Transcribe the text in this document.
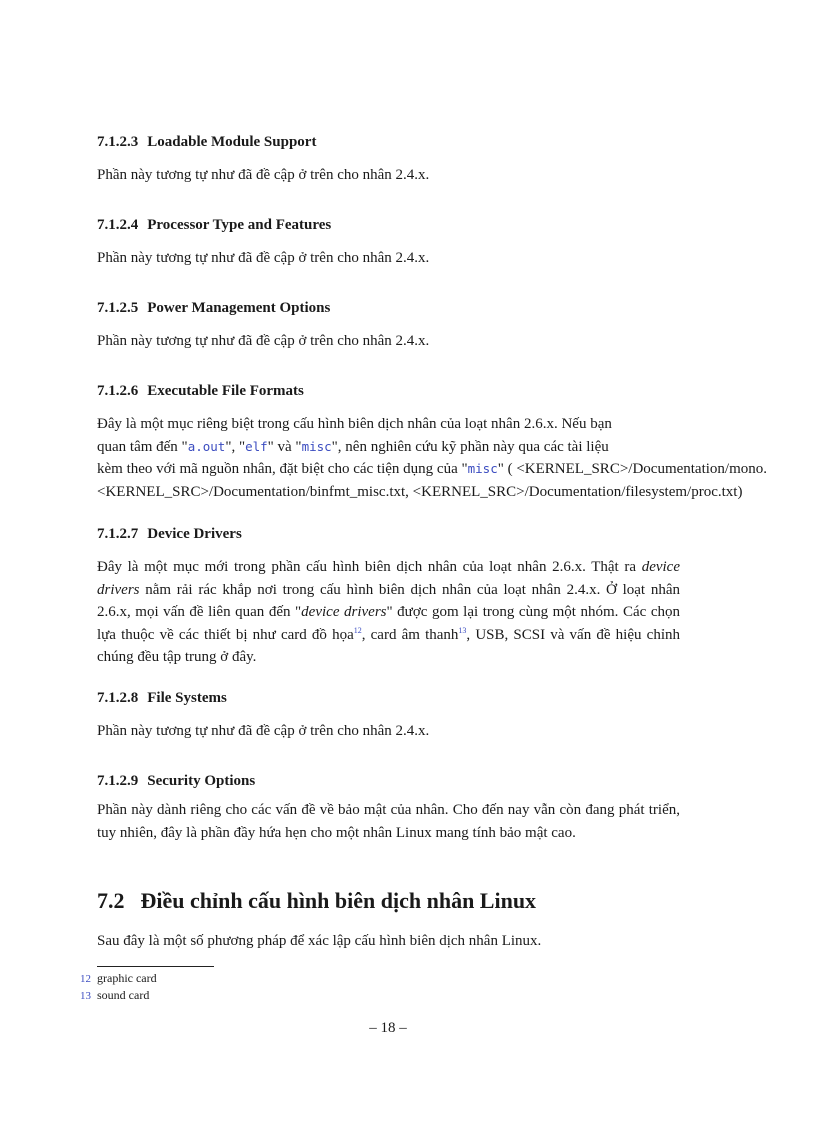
7.1.2.3 Loadable Module Support
Phần này tương tự như đã đề cập ở trên cho nhân 2.4.x.
7.1.2.4 Processor Type and Features
Phần này tương tự như đã đề cập ở trên cho nhân 2.4.x.
7.1.2.5 Power Management Options
Phần này tương tự như đã đề cập ở trên cho nhân 2.4.x.
7.1.2.6 Executable File Formats
Đây là một mục riêng biệt trong cấu hình biên dịch nhân của loạt nhân 2.6.x. Nếu bạn
quan tâm đến "a.out", "elf" và "misc", nên nghiên cứu kỹ phần này qua các tài liệu
kèm theo với mã nguồn nhân, đặt biệt cho các tiện dụng của "misc" ( <KERNEL_SRC>/Documentation/mono.
<KERNEL_SRC>/Documentation/binfmt_misc.txt, <KERNEL_SRC>/Documentation/filesystem/proc.txt)
7.1.2.7 Device Drivers
Đây là một mục mới trong phần cấu hình biên dịch nhân của loạt nhân 2.6.x. Thật ra device drivers nằm rải rác khắp nơi trong cấu hình biên dịch nhân của loạt nhân 2.4.x. Ở loạt nhân 2.6.x, mọi vấn đề liên quan đến "device drivers" được gom lại trong cùng một nhóm. Các chọn lựa thuộc về các thiết bị như card đồ họa$^{12}$, card âm thanh$^{13}$, USB, SCSI và vấn đề hiệu chỉnh chúng đều tập trung ở đây.
7.1.2.8 File Systems
Phần này tương tự như đã đề cập ở trên cho nhân 2.4.x.
7.1.2.9 Security Options
Phần này dành riêng cho các vấn đề về bảo mật của nhân. Cho đến nay vẫn còn đang phát triển, tuy nhiên, đây là phần đầy hứa hẹn cho một nhân Linux mang tính bảo mật cao.
7.2 Điều chỉnh cấu hình biên dịch nhân Linux
Sau đây là một số phương pháp để xác lập cấu hình biên dịch nhân Linux.
12 graphic card
13 sound card
– 18 –
